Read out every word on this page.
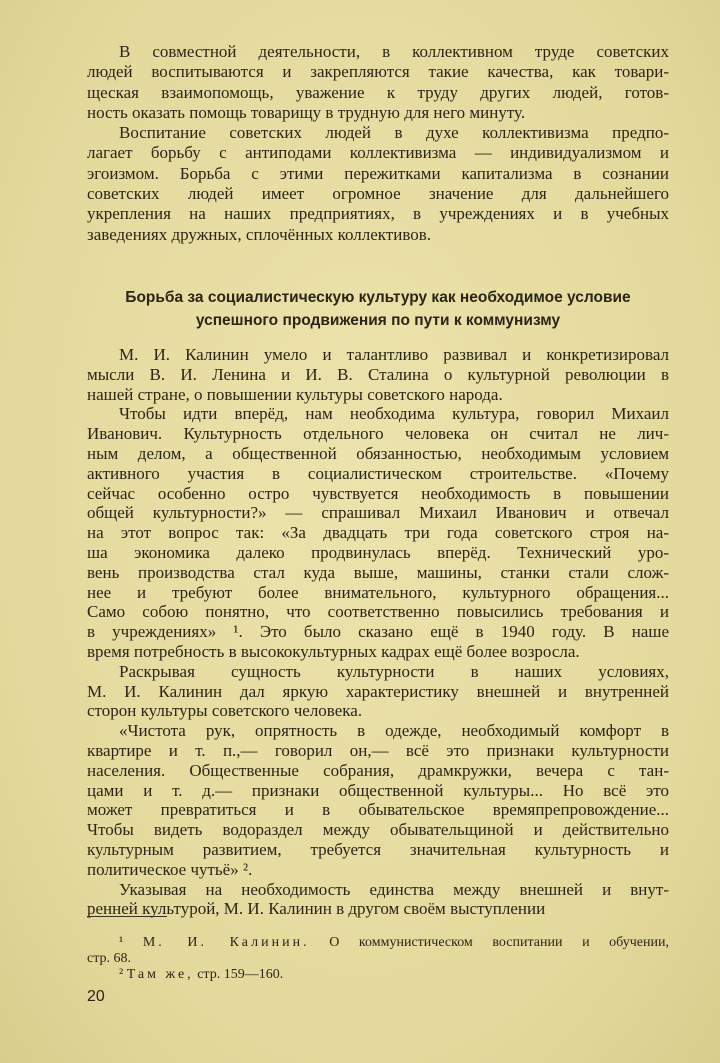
В совместной деятельности, в коллективном труде советских
людей воспитываются и закрепляются такие качества, как товари-
щеская взаимопомощь, уважение к труду других людей, готов-
ность оказать помощь товарищу в трудную для него минуту.
Воспитание советских людей в духе коллективизма предпо-
лагает борьбу с антиподами коллективизма — индивидуализмом и
эгоизмом. Борьба с этими пережитками капитализма в сознании
советских людей имеет огромное значение для дальнейшего
укрепления на наших предприятиях, в учреждениях и в учебных
заведениях дружных, сплочённых коллективов.
Борьба за социалистическую культуру как необходимое условие
успешного продвижения по пути к коммунизму
М. И. Калинин умело и талантливо развивал и конкретизировал
мысли В. И. Ленина и И. В. Сталина о культурной революции в
нашей стране, о повышении культуры советского народа.
Чтобы идти вперёд, нам необходима культура, говорил Михаил
Иванович. Культурность отдельного человека он считал не лич-
ным делом, а общественной обязанностью, необходимым условием
активного участия в социалистическом строительстве. «Почему
сейчас особенно остро чувствуется необходимость в повышении
общей культурности?» — спрашивал Михаил Иванович и отвечал
на этот вопрос так: «За двадцать три года советского строя на-
ша экономика далеко продвинулась вперёд. Технический уро-
вень производства стал куда выше, машины, станки стали слож-
нее и требуют более внимательного, культурного обращения...
Само собою понятно, что соответственно повысились требования и
в учреждениях» ¹. Это было сказано ещё в 1940 году. В наше
время потребность в высококультурных кадрах ещё более возросла.
Раскрывая сущность культурности в наших условиях,
М. И. Калинин дал яркую характеристику внешней и внутренней
сторон культуры советского человека.
«Чистота рук, опрятность в одежде, необходимый комфорт в
квартире и т. п.,— говорил он,— всё это признаки культурности
населения. Общественные собрания, драмкружки, вечера с тан-
цами и т. д.— признаки общественной культуры... Но всё это
может превратиться и в обывательское времяпрепровождение...
Чтобы видеть водораздел между обывательщиной и действительно
культурным развитием, требуется значительная культурность и
политическое чутьё» ².
Указывая на необходимость единства между внешней и внут-
ренней культурой, М. И. Калинин в другом своём выступлении
¹ М. И. Калинин. О коммунистическом воспитании и обучении,
стр. 68.
² Там же, стр. 159—160.
20
